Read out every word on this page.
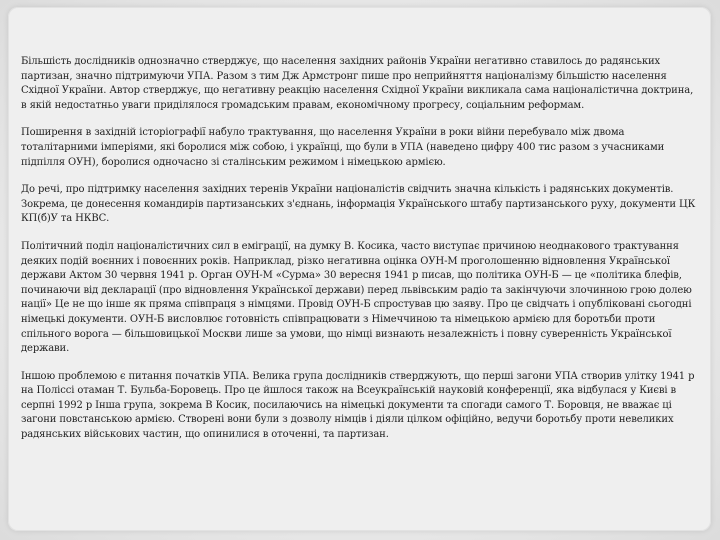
Більшість дослідників однозначно стверджує, що населення західних районів України негативно ставилось до радянських партизан, значно підтримуючи УПА. Разом з тим Дж Армстронг пише про неприйняття націоналізму більшістю населення Східної України. Автор стверджує, що негативну реакцію населення Східної України викликала сама націоналістична доктрина, в якій недостатньо уваги приділялося громадським правам, економічному прогресу, соціальним реформам.

Поширення в західній історіографії набуло трактування, що населення України в роки війни перебувало між двома тоталітарними імперіями, які боролися між собою, і українці, що були в УПА (наведено цифру 400 тис разом з учасниками підпілля ОУН), боролися одночасно зі сталінським режимом і німецькою армією.

До речі, про підтримку населення західних теренів України націоналістів свідчить значна кількість і радянських документів. Зокрема, це донесення командирів партизанських з'єднань, інформація Українського штабу партизанського руху, документи ЦК КП(б)У та НКВС.

Політичний поділ націоналістичних сил в еміграції, на думку В. Косика, часто виступає причиною неоднакового трактування деяких подій воєнних і повоєнних років. Наприклад, різко негативна оцінка ОУН-М проголошенню відновлення Української держави Актом 30 червня 1941 р. Орган ОУН-М «Сурма» 30 вересня 1941 р писав, що політика ОУН-Б — це «політика блефів, починаючи від декларації (про відновлення Української держави) перед львівським радіо та закінчуючи злочинною грою долею нації» Це не що інше як пряма співпраця з німцями. Провід ОУН-Б спростував цю заяву. Про це свідчать і опубліковані сьогодні німецькі документи. ОУН-Б висловлює готовність співпрацювати з Німеччиною та німецькою армією для боротьби проти спільного ворога — більшовицької Москви лише за умови, що німці визнають незалежність і повну суверенність Української держави.

Іншою проблемою є питання початків УПА. Велика група дослідників стверджують, що перші загони УПА створив улітку 1941 р на Поліссі отаман Т. Бульба-Боровець. Про це йшлося також на Всеукраїнській науковій конференції, яка відбулася у Києві в серпні 1992 р Інша група, зокрема В Косик, посилаючись на німецькі документи та спогади самого Т. Боровця, не вважає ці загони повстанською армією. Створені вони були з дозволу німців і діяли цілком офіційно, ведучи боротьбу проти невеликих радянських військових частин, що опинилися в оточенні, та партизан.
